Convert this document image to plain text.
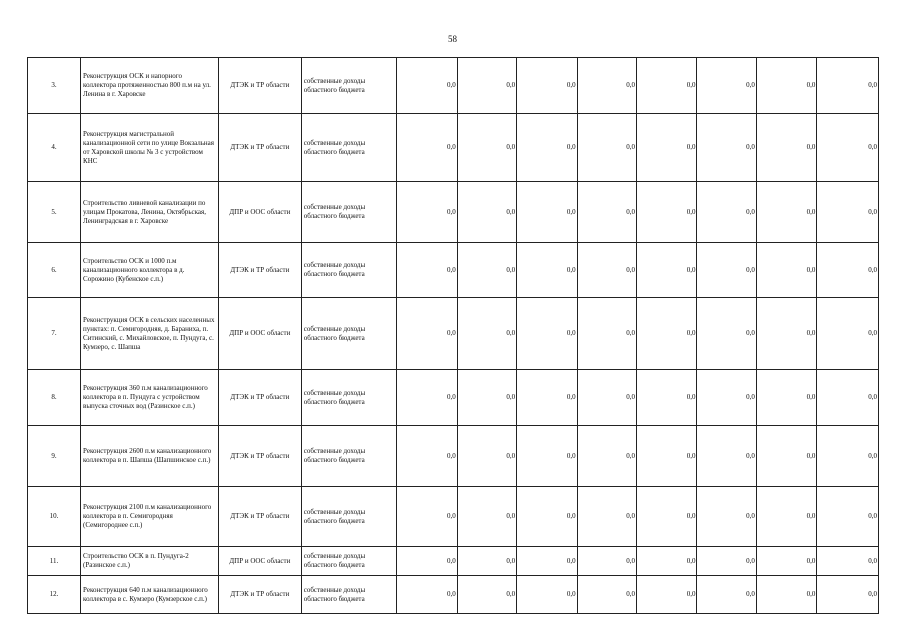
58
3.	Реконструкция ОСК и напорного коллектора протяженностью 800 п.м на ул. Ленина в г. Харовске	ДТЭК и ТР области	собственные доходы областного бюджета	0,0	0,0	0,0	0,0	0,0	0,0	0,0	0,0
4.	Реконструкция магистральной канализационной сети по улице Вокзальная от Харовской школы № 3 с устройством КНС	ДТЭК и ТР области	собственные доходы областного бюджета	0,0	0,0	0,0	0,0	0,0	0,0	0,0	0,0
5.	Строительство ливневой канализации по улицам Прокатова, Ленина, Октябрьская, Ленинградская в г. Харовске	ДПР и ООС области	собственные доходы областного бюджета	0,0	0,0	0,0	0,0	0,0	0,0	0,0	0,0
6.	Строительство ОСК и 1000 п.м канализационного коллектора в д. Сорожино (Кубенское с.п.)	ДТЭК и ТР области	собственные доходы областного бюджета	0,0	0,0	0,0	0,0	0,0	0,0	0,0	0,0
7.	Реконструкция ОСК в сельских населенных пунктах: п. Семигородняя, д. Бараниха, п. Ситинский, с. Михайловское, п. Пундуга, с. Кумзеро, с. Шапша	ДПР и ООС области	собственные доходы областного бюджета	0,0	0,0	0,0	0,0	0,0	0,0	0,0	0,0
8.	Реконструкция 360 п.м канализационного коллектора в п. Пундуга с устройством выпуска сточных вод (Разинское с.п.)	ДТЭК и ТР области	собственные доходы областного бюджета	0,0	0,0	0,0	0,0	0,0	0,0	0,0	0,0
9.	Реконструкция 2600 п.м канализационного коллектора в п. Шапша (Шапшинское с.п.)	ДТЭК и ТР области	собственные доходы областного бюджета	0,0	0,0	0,0	0,0	0,0	0,0	0,0	0,0
10.	Реконструкция 2100 п.м канализационного коллектора в п. Семигородняя (Семигороднее с.п.)	ДТЭК и ТР области	собственные доходы областного бюджета	0,0	0,0	0,0	0,0	0,0	0,0	0,0	0,0
11.	Строительство ОСК в п. Пундуга-2 (Разинское с.п.)	ДПР и ООС области	собственные доходы областного бюджета	0,0	0,0	0,0	0,0	0,0	0,0	0,0	0,0
12.	Реконструкция 640 п.м канализационного коллектора в с. Кумзеро (Кумзерское с.п.)	ДТЭК и ТР области	собственные доходы областного бюджета	0,0	0,0	0,0	0,0	0,0	0,0	0,0	0,0
